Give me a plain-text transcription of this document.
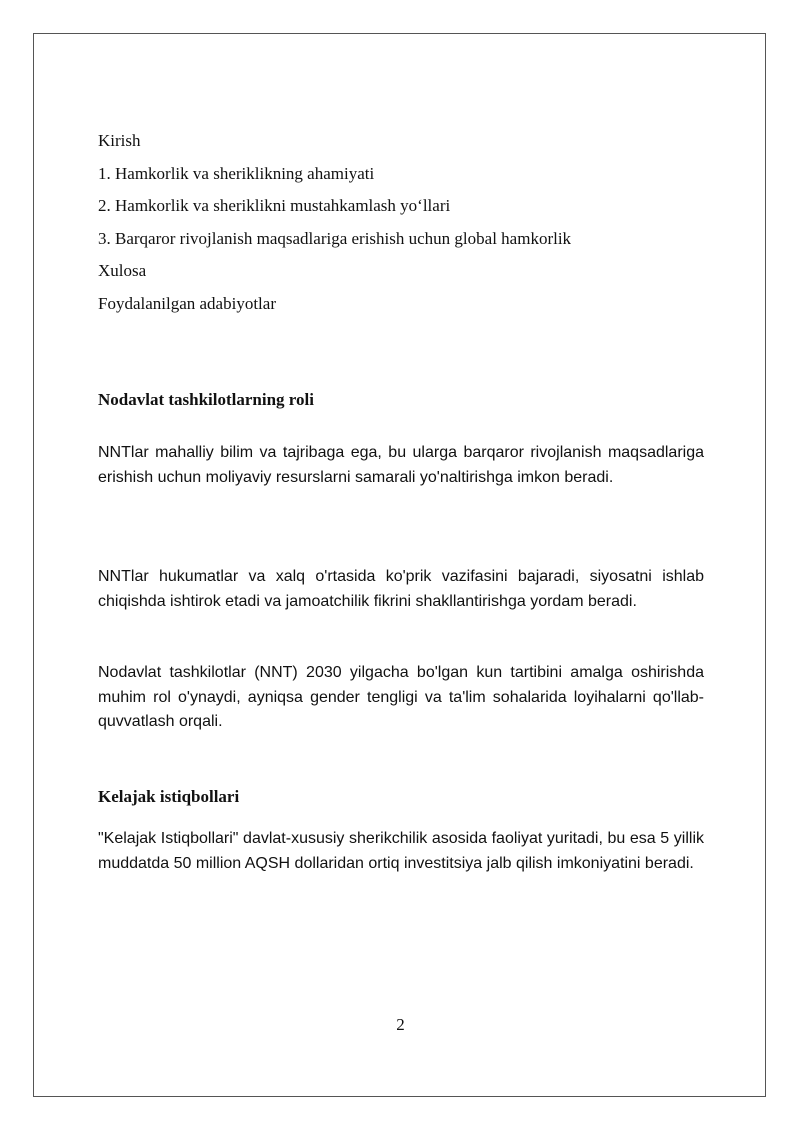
Kirish
1. Hamkorlik va sheriklikning ahamiyati
2. Hamkorlik va sheriklikni mustahkamlash yo‘llari
3. Barqaror rivojlanish maqsadlariga erishish uchun global hamkorlik
Xulosa
Foydalanilgan adabiyotlar
Nodavlat tashkilotlarning roli
NNTlar mahalliy bilim va tajribaga ega, bu ularga barqaror rivojlanish maqsadlariga erishish uchun moliyaviy resurslarni samarali yo'naltirishga imkon beradi.
NNTlar hukumatlar va xalq o'rtasida ko'prik vazifasini bajaradi, siyosatni ishlab chiqishda ishtirok etadi va jamoatchilik fikrini shakllantirishga yordam beradi.
Nodavlat tashkilotlar (NNT) 2030 yilgacha bo'lgan kun tartibini amalga oshirishda muhim rol o'ynaydi, ayniqsa gender tengligi va ta'lim sohalarida loyihalarni qo'llab-quvvatlash orqali.
Kelajak istiqbollari
"Kelajak Istiqbollari" davlat-xususiy sherikchilik asosida faoliyat yuritadi, bu esa 5 yillik muddatda 50 million AQSH dollaridan ortiq investitsiya jalb qilish imkoniyatini beradi.
2
